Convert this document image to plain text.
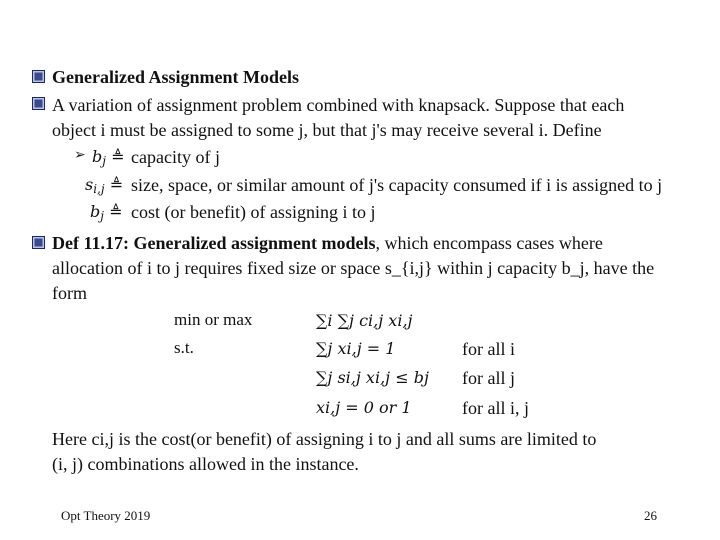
Generalized Assignment Models
A variation of assignment problem combined with knapsack. Suppose that each
object i must be assigned to some j, but that j's may receive several i. Define
➢ $b_j$ ≜ capacity of j
$s_{i,j}$ ≜ size, space, or similar amount of j's capacity consumed if i is assigned to j
$b_j$ ≜ cost (or benefit) of assigning i to j
Def 11.17: Generalized assignment models, which encompass cases where
allocation of i to j requires fixed size or space s_{i,j} within j capacity b_j, have the
form
min or max
s.t.
∑i ∑j ci,j xi,j
∑j xi,j = 1
∑j si,j xi,j ≤ bj
xi,j = 0 or 1
for all i
for all j
for all i, j
Here ci,j is the cost(or benefit) of assigning i to j and all sums are limited to
(i, j) combinations allowed in the instance.
Opt Theory 2019	26
